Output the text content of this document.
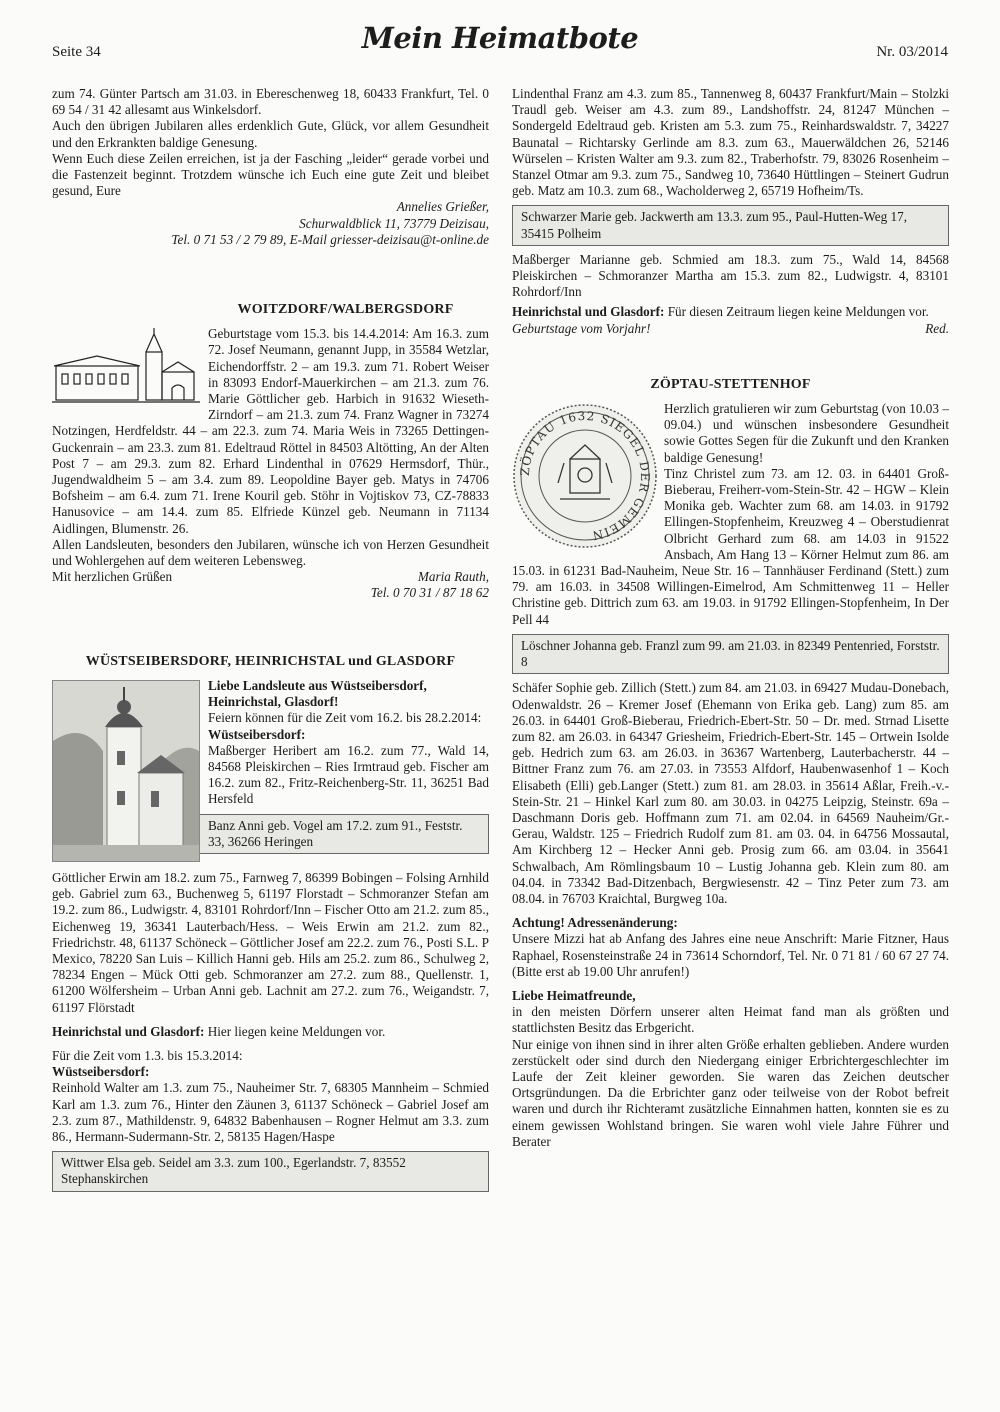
Seite 34	Mein Heimatbote	Nr. 03/2014

zum 74. Günter Partsch am 31.03. in Ebereschenweg 18, 60433 Frankfurt, Tel. 0 69 54 / 31 42 allesamt aus Winkelsdorf.

Auch den übrigen Jubilaren alles erdenklich Gute, Glück, vor allem Gesundheit und den Erkrankten baldige Genesung.

Wenn Euch diese Zeilen erreichen, ist ja der Fasching „leider“ gerade vorbei und die Fastenzeit beginnt. Trotzdem wünsche ich Euch eine gute Zeit und bleibet gesund, Eure

Annelies Grießer,

Schurwaldblick 11, 73779 Deizisau,

Tel. 0 71 53 / 2 79 89, E-Mail griesser-deizisau@t-online.de

WOITZDORF/WALBERGSDORF

Geburtstage vom 15.3. bis 14.4.2014: Am 16.3. zum 72. Josef Neumann, genannt Jupp, in 35584 Wetzlar, Eichendorffstr. 2 – am 19.3. zum 71. Robert Weiser in 83093 Endorf-Mauerkirchen – am 21.3. zum 76. Marie Göttlicher geb. Harbich in 91632 Wieseth-Zirndorf – am 21.3. zum 74. Franz Wagner in 73274 Notzingen, Herdfeldstr. 44 – am 22.3. zum 74. Maria Weis in 73265 Dettingen-Guckenrain – am 23.3. zum 81. Edeltraud Röttel in 84503 Altötting, An der Alten Post 7 – am 29.3. zum 82. Erhard Lindenthal in 07629 Hermsdorf, Thür., Jugendwaldheim 5 – am 3.4. zum 89. Leopoldine Bayer geb. Matys in 74706 Bofsheim – am 6.4. zum 71. Irene Kouril geb. Stöhr in Vojtiskov 73, CZ-78833 Hanusovice – am 14.4. zum 85. Elfriede Künzel geb. Neumann in 71134 Aidlingen, Blumenstr. 26.

Allen Landsleuten, besonders den Jubilaren, wünsche ich von Herzen Gesundheit und Wohlergehen auf dem weiteren Lebensweg.

Mit herzlichen Grüßen	Maria Rauth,

Tel. 0 70 31 / 87 18 62

WÜSTSEIBERSDORF, HEINRICHSTAL und GLASDORF

Liebe Landsleute aus Wüstseibersdorf, Heinrichstal, Glasdorf!

Feiern können für die Zeit vom 16.2. bis 28.2.2014:

Wüstseibersdorf:

Maßberger Heribert am 16.2. zum 77., Wald 14, 84568 Pleiskirchen – Ries Irmtraud geb. Fischer am 16.2. zum 82., Fritz-Reichenberg-Str. 11, 36251 Bad Hersfeld

Banz Anni geb. Vogel am 17.2. zum 91., Feststr. 33, 36266 Heringen

Göttlicher Erwin am 18.2. zum 75., Farnweg 7, 86399 Bobingen – Folsing Arnhild geb. Gabriel zum 63., Buchenweg 5, 61197 Florstadt – Schmoranzer Stefan am 19.2. zum 86., Ludwigstr. 4, 83101 Rohrdorf/Inn – Fischer Otto am 21.2. zum 85., Eichenweg 19, 36341 Lauterbach/Hess. – Weis Erwin am 21.2. zum 82., Friedrichstr. 48, 61137 Schöneck – Göttlicher Josef am 22.2. zum 76., Posti S.L. P Mexico, 78220 San Luis – Killich Hanni geb. Hils am 25.2. zum 86., Schulweg 2, 78234 Engen – Mück Otti geb. Schmoranzer am 27.2. zum 88., Quellenstr. 1, 61200 Wölfersheim – Urban Anni geb. Lachnit am 27.2. zum 76., Weigandstr. 7, 61197 Flörstadt

Heinrichstal und Glasdorf: Hier liegen keine Meldungen vor.

Für die Zeit vom 1.3. bis 15.3.2014:

Wüstseibersdorf:

Reinhold Walter am 1.3. zum 75., Nauheimer Str. 7, 68305 Mannheim – Schmied Karl am 1.3. zum 76., Hinter den Zäunen 3, 61137 Schöneck – Gabriel Josef am 2.3. zum 87., Mathildenstr. 9, 64832 Babenhausen – Rogner Helmut am 3.3. zum 86., Hermann-Sudermann-Str. 2, 58135 Hagen/Haspe

Wittwer Elsa geb. Seidel am 3.3. zum 100., Egerlandstr. 7, 83552 Stephanskirchen

Lindenthal Franz am 4.3. zum 85., Tannenweg 8, 60437 Frankfurt/Main – Stolzki Traudl geb. Weiser am 4.3. zum 89., Landshoffstr. 24, 81247 München – Sondergeld Edeltraud geb. Kristen am 5.3. zum 75., Reinhardswaldstr. 7, 34227 Baunatal – Richtarsky Gerlinde am 8.3. zum 63., Mauerwäldchen 26, 52146 Würselen – Kristen Walter am 9.3. zum 82., Traberhofstr. 79, 83026 Rosenheim – Stanzel Otmar am 9.3. zum 75., Sandweg 10, 73640 Hüttlingen – Steinert Gudrun geb. Matz am 10.3. zum 68., Wacholderweg 2, 65719 Hofheim/Ts.

Schwarzer Marie geb. Jackwerth am 13.3. zum 95., Paul-Hutten-Weg 17, 35415 Polheim

Maßberger Marianne geb. Schmied am 18.3. zum 75., Wald 14, 84568 Pleiskirchen – Schmoranzer Martha am 15.3. zum 82., Ludwigstr. 4, 83101 Rohrdorf/Inn

Heinrichstal und Glasdorf: Für diesen Zeitraum liegen keine Meldungen vor.

Geburtstage vom Vorjahr!	Red.
ZÖPTAU-STETTENHOF
ZÖPTAU 1632 SIEGEL DER GEMEIN

Herzlich gratulieren wir zum Geburtstag (von 10.03 – 09.04.) und wünschen insbesondere Gesundheit sowie Gottes Segen für die Zukunft und den Kranken baldige Genesung!

Tinz Christel zum 73. am 12. 03. in 64401 Groß-Bieberau, Freiherr-vom-Stein-Str. 42 – HGW – Klein Monika geb. Wachter zum 68. am 14.03. in 91792 Ellingen-Stopfenheim, Kreuzweg 4 – Oberstudienrat Olbricht Gerhard zum 68. am 14.03 in 91522 Ansbach, Am Hang 13 – Körner Helmut zum 86. am 15.03. in 61231 Bad-Nauheim, Neue Str. 16 – Tannhäuser Ferdinand (Stett.) zum 79. am 16.03. in 34508 Willingen-Eimelrod, Am Schmittenweg 11 – Heller Christine geb. Dittrich zum 63. am 19.03. in 91792 Ellingen-Stopfenheim, In Der Pell 44

Löschner Johanna geb. Franzl zum 99. am 21.03. in 82349 Pentenried, Forststr. 8

Schäfer Sophie geb. Zillich (Stett.) zum 84. am 21.03. in 69427 Mudau-Donebach, Odenwaldstr. 26 – Kremer Josef (Ehemann von Erika geb. Lang) zum 85. am 26.03. in 64401 Groß-Bieberau, Friedrich-Ebert-Str. 50 – Dr. med. Strnad Lisette zum 82. am 26.03. in 64347 Griesheim, Friedrich-Ebert-Str. 145 – Ortwein Isolde geb. Hedrich zum 63. am 26.03. in 36367 Wartenberg, Lauterbacherstr. 44 – Bittner Franz zum 76. am 27.03. in 73553 Alfdorf, Haubenwasenhof 1 – Koch Elisabeth (Elli) geb.Langer (Stett.) zum 81. am 28.03. in 35614 Aßlar, Freih.-v.-Stein-Str. 21 – Hinkel Karl zum 80. am 30.03. in 04275 Leipzig, Steinstr. 69a – Daschmann Doris geb. Hoffmann zum 71. am 02.04. in 64569 Nauheim/Gr.-Gerau, Waldstr. 125 – Friedrich Rudolf zum 81. am 03. 04. in 64756 Mossautal, Am Kirchberg 12 – Hecker Anni geb. Prosig zum 66. am 03.04. in 35641 Schwalbach, Am Römlingsbaum 10 – Lustig Johanna geb. Klein zum 80. am 04.04. in 73342 Bad-Ditzenbach, Bergwiesenstr. 42 – Tinz Peter zum 73. am 08.04. in 76703 Kraichtal, Burgweg 10a.

Achtung! Adressenänderung:

Unsere Mizzi hat ab Anfang des Jahres eine neue Anschrift: Marie Fitzner, Haus Raphael, Rosensteinstraße 24 in 73614 Schorndorf, Tel. Nr. 0 71 81 / 60 67 27 74. (Bitte erst ab 19.00 Uhr anrufen!)

Liebe Heimatfreunde,

in den meisten Dörfern unserer alten Heimat fand man als größten und stattlichsten Besitz das Erbgericht.

Nur einige von ihnen sind in ihrer alten Größe erhalten geblieben. Andere wurden zerstückelt oder sind durch den Niedergang einiger Erbrichtergeschlechter im Laufe der Zeit kleiner geworden. Sie waren das Zeichen deutscher Ortsgründungen. Da die Erbrichter ganz oder teilweise von der Robot befreit waren und durch ihr Richteramt zusätzliche Einnahmen hatten, konnten sie es zu einem gewissen Wohlstand bringen. Sie waren wohl viele Jahre Führer und Berater
